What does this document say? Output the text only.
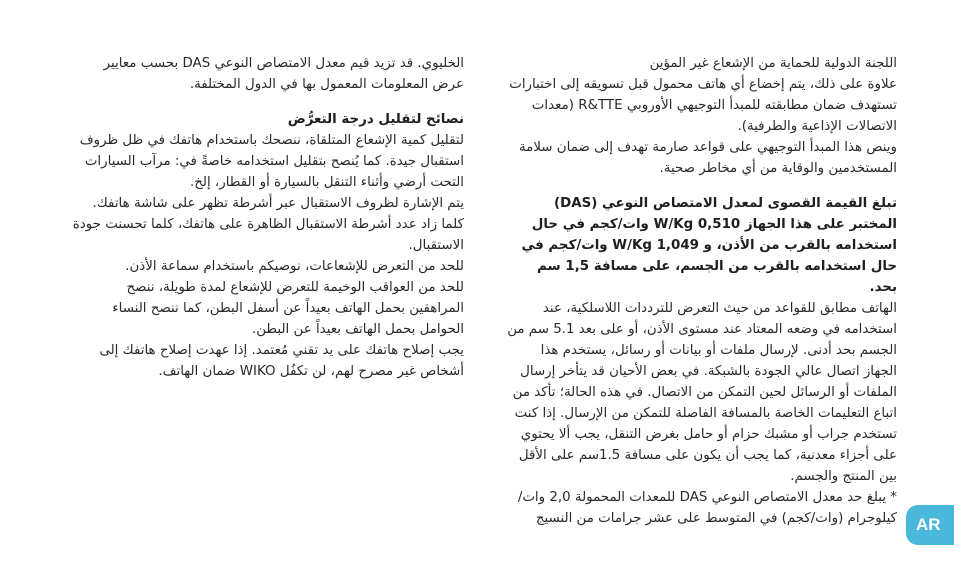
اللجنة الدولية للحماية من الإشعاع غير المؤين

علاوة على ذلك، يتم إخضاع أي هاتف محمول قبل تسويقه إلى اختبارات تستهدف ضمان مطابقته للمبدأ التوجيهي الأوروبي R&TTE (معدات الاتصالات الإذاعية والطرفية).

وينص هذا المبدأ التوجيهي على قواعد صارمة تهدف إلى ضمان سلامة المستخدمين والوقاية من أي مخاطر صحية.

تبلغ القيمة القصوى لمعدل الامتصاص النوعي (DAS) المختبر على هذا الجهاز 0,510 W/Kg وات/كجم في حال استخدامه بالقرب من الأذن، و 1,049 W/Kg وات/كجم في حال استخدامه بالقرب من الجسم، على مسافة 1,5 سم بحد.

الهاتف مطابق للقواعد من حيث التعرض للترددات اللاسلكية، عند استخدامه في وضعه المعتاد عند مستوى الأذن، أو على بعد 5.1 سم من الجسم بحد أدنى. لإرسال ملفات أو بيانات أو رسائل، يستخدم هذا الجهاز اتصال عالي الجودة بالشبكة. في بعض الأحيان قد يتأخر إرسال الملفات أو الرسائل لحين التمكن من الاتصال. في هذه الحالة؛ تأكد من اتباع التعليمات الخاصة بالمسافة الفاصلة للتمكن من الإرسال. إذا كنت تستخدم جراب أو مشبك حزام أو حامل بغرض التنقل، يجب ألا يحتوي على أجزاء معدنية، كما يجب أن يكون على مسافة 1.5سم على الأقل بين المنتج والجسم.

* يبلغ حد معدل الامتصاص النوعي DAS للمعدات المحمولة 2,0 وات/كيلوجرام (وات/كجم) في المتوسط على عشر جرامات من النسيج

الخليوي. قد تزيد قيم معدل الامتصاص النوعي DAS بحسب معايير عرض المعلومات المعمول بها في الدول المختلفة.

نصائح لتقليل درجة التعرُّض

لتقليل كمية الإشعاع المتلقاة، ننصحك باستخدام هاتفك في ظل ظروف استقبال جيدة. كما يُنصح بتقليل استخدامه خاصةً في: مرآب السيارات التحت أرضي وأثناء التنقل بالسيارة أو القطار، إلخ.

يتم الإشارة لظروف الاستقبال عبر أشرطة تظهر على شاشة هاتفك. كلما زاد عدد أشرطة الاستقبال الظاهرة على هاتفك، كلما تحسنت جودة الاستقبال.

للحد من التعرض للإشعاعات، نوصيكم باستخدام سماعة الأذن.

للحد من العواقب الوخيمة للتعرض للإشعاع لمدة طويلة، ننصح المراهقين بحمل الهاتف بعيداً عن أسفل البطن، كما ننصح النساء الحوامل بحمل الهاتف بعيداً عن البطن.

يجب إصلاح هاتفك على يد تقني مُعتمد. إذا عهدت إصلاح هاتفك إلى أشخاص غير مصرح لهم، لن تكفُل WIKO ضمان الهاتف.

AR
